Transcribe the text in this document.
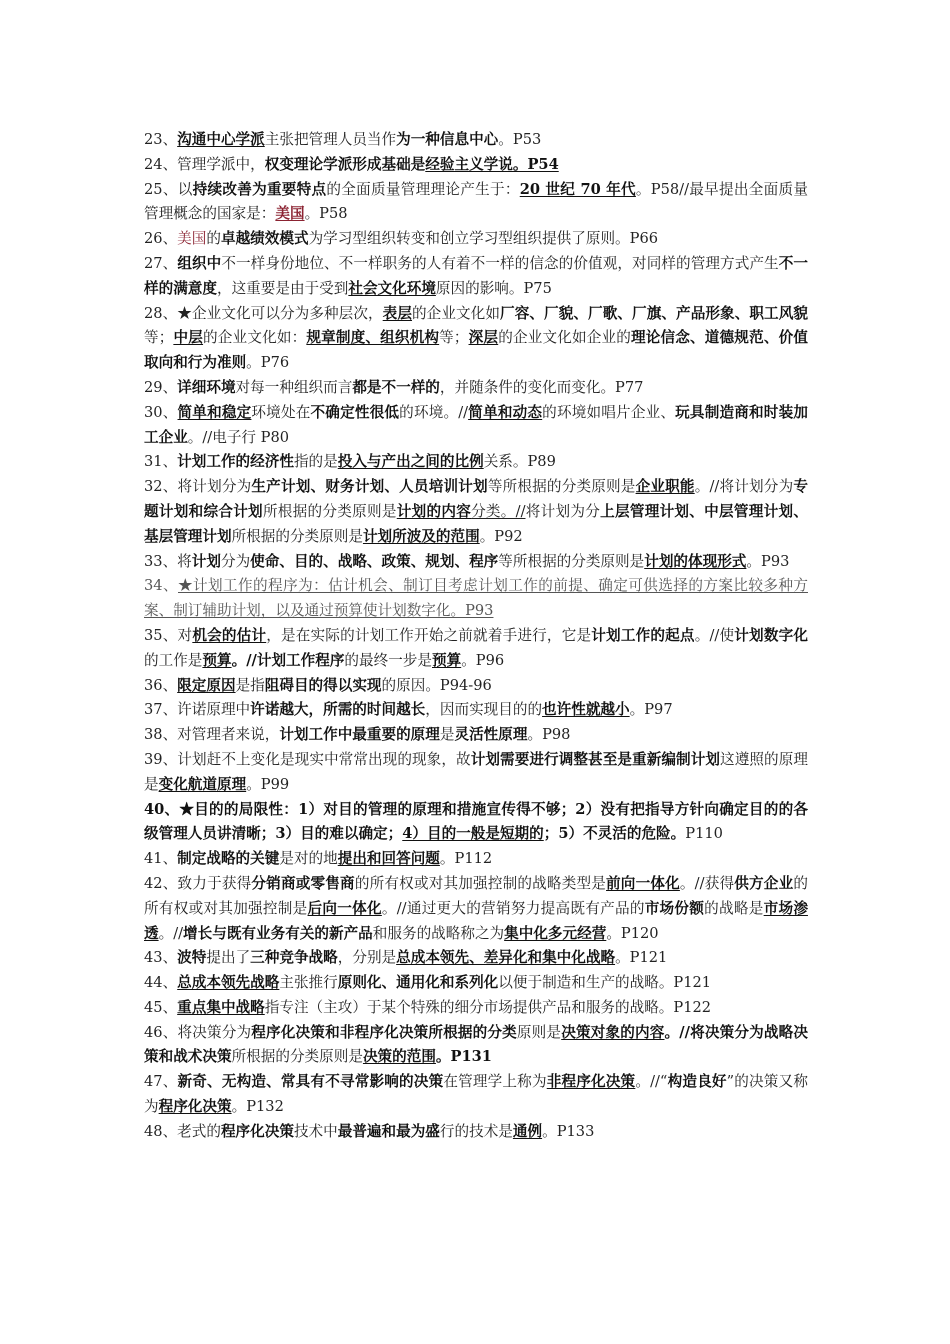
23、沟通中心学派主张把管理人员当作为一种信息中心。P53
24、管理学派中，权变理论学派形成基础是经验主义学说。P54
25、以持续改善为重要特点的全面质量管理理论产生于：20 世纪 70 年代。P58//最早提出全面质量管理概念的国家是：美国。P58
26、美国的卓越绩效模式为学习型组织转变和创立学习型组织提供了原则。P66
27、组织中不一样身份地位、不一样职务的人有着不一样的信念的价值观，对同样的管理方式产生不一样的满意度，这重要是由于受到社会文化环境原因的影响。P75
28、★企业文化可以分为多种层次，表层的企业文化如厂容、厂貌、厂歌、厂旗、产品形象、职工风貌等；中层的企业文化如：规章制度、组织机构等；深层的企业文化如企业的理论信念、道德规范、价值取向和行为准则。P76
29、详细环境对每一种组织而言都是不一样的，并随条件的变化而变化。P77
30、简单和稳定环境处在不确定性很低的环境。//简单和动态的环境如唱片企业、玩具制造商和时装加工企业。//电子行 P80
31、计划工作的经济性指的是投入与产出之间的比例关系。P89
32、将计划分为生产计划、财务计划、人员培训计划等所根据的分类原则是企业职能。//将计划分为专题计划和综合计划所根据的分类原则是计划的内容分类。//将计划为分上层管理计划、中层管理计划、基层管理计划所根据的分类原则是计划所波及的范围。P92
33、将计划分为使命、目的、战略、政策、规划、程序等所根据的分类原则是计划的体现形式。P93
34、★计划工作的程序为：估计机会、制订目考虑计划工作的前提、确定可供选择的方案比较多种方案、制订辅助计划，以及通过预算使计划数字化。P93
35、对机会的估计，是在实际的计划工作开始之前就着手进行，它是计划工作的起点。//使计划数字化的工作是预算。//计划工作程序的最终一步是预算。P96
36、限定原因是指阻碍目的得以实现的原因。P94-96
37、许诺原理中许诺越大，所需的时间越长，因而实现目的的也许性就越小。P97
38、对管理者来说，计划工作中最重要的原理是灵活性原理。P98
39、计划赶不上变化是现实中常常出现的现象，故计划需要进行调整甚至是重新编制计划这遵照的原理是变化航道原理。P99
40、★目的的局限性：1）对目的管理的原理和措施宣传得不够；2）没有把指导方针向确定目的的各级管理人员讲清晰；3）目的难以确定；4）目的一般是短期的；5）不灵活的危险。P110
41、制定战略的关键是对的地提出和回答问题。P112
42、致力于获得分销商或零售商的所有权或对其加强控制的战略类型是前向一体化。//获得供方企业的所有权或对其加强控制是后向一体化。//通过更大的营销努力提高既有产品的市场份额的战略是市场渗透。//增长与既有业务有关的新产品和服务的战略称之为集中化多元经营。P120
43、波特提出了三种竞争战略，分别是总成本领先、差异化和集中化战略。P121
44、总成本领先战略主张推行原则化、通用化和系列化以便于制造和生产的战略。P121
45、重点集中战略指专注（主攻）于某个特殊的细分市场提供产品和服务的战略。P122
46、将决策分为程序化决策和非程序化决策所根据的分类原则是决策对象的内容。//将决策分为战略决策和战术决策所根据的分类原则是决策的范围。P131
47、新奇、无构造、常具有不寻常影响的决策在管理学上称为非程序化决策。//“构造良好”的决策又称为程序化决策。P132
48、老式的程序化决策技术中最普遍和最为盛行的技术是通例。P133
